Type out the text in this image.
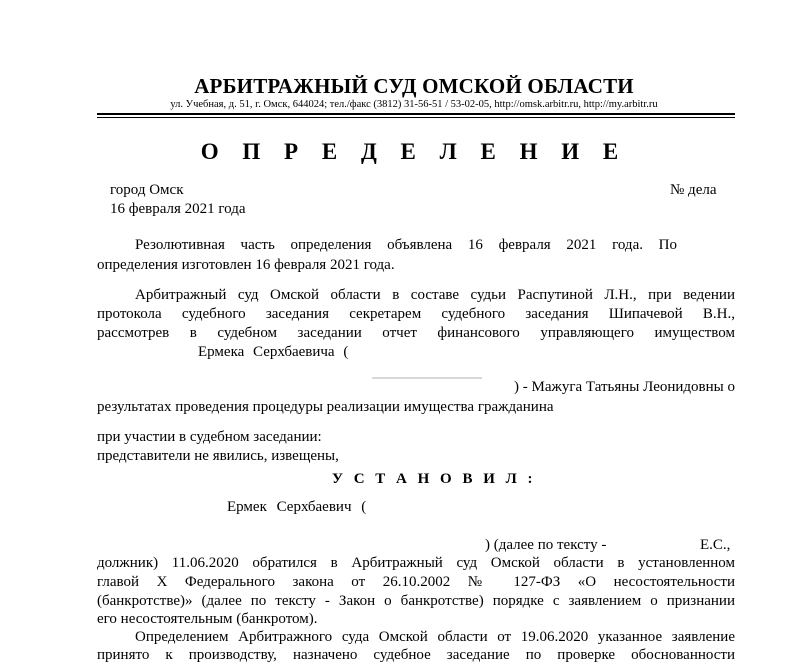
АРБИТРАЖНЫЙ СУД ОМСКОЙ ОБЛАСТИ
ул. Учебная, д. 51, г. Омск, 644024; тел./факс (3812) 31-56-51 / 53-02-05, http://omsk.arbitr.ru, http://my.arbitr.ru
О П Р Е Д Е Л Е Н И Е
город Омск	№ дела
16 февраля 2021 года
Резолютивная часть определения объявлена 16 февраля 2021 года. По
определения изготовлен 16 февраля 2021 года.
Арбитражный суд Омской области в составе судьи Распутиной Л.Н., при ведении
протокола судебного заседания секретарем судебного заседания Шипачевой В.Н.,
рассмотрев в судебном заседании отчет финансового управляющего имуществом
Ермека Серхбаевича (
) - Мажуга Татьяны Леонидовны о
результатах проведения процедуры реализации имущества гражданина
при участии в судебном заседании:
представители не явились, извещены,
У С Т А Н О В И Л :
Ермек Серхбаевич (
) (далее по тексту -	Е.С.,
должник) 11.06.2020 обратился в Арбитражный суд Омской области в установленном
главой X Федерального закона от 26.10.2002 № 127-ФЗ «О несостоятельности
(банкротстве)» (далее по тексту - Закон о банкротстве) порядке с заявлением о признании
его несостоятельным (банкротом).
Определением Арбитражного суда Омской области от 19.06.2020 указанное заявление
принято к производству, назначено судебное заседание по проверке обоснованности
